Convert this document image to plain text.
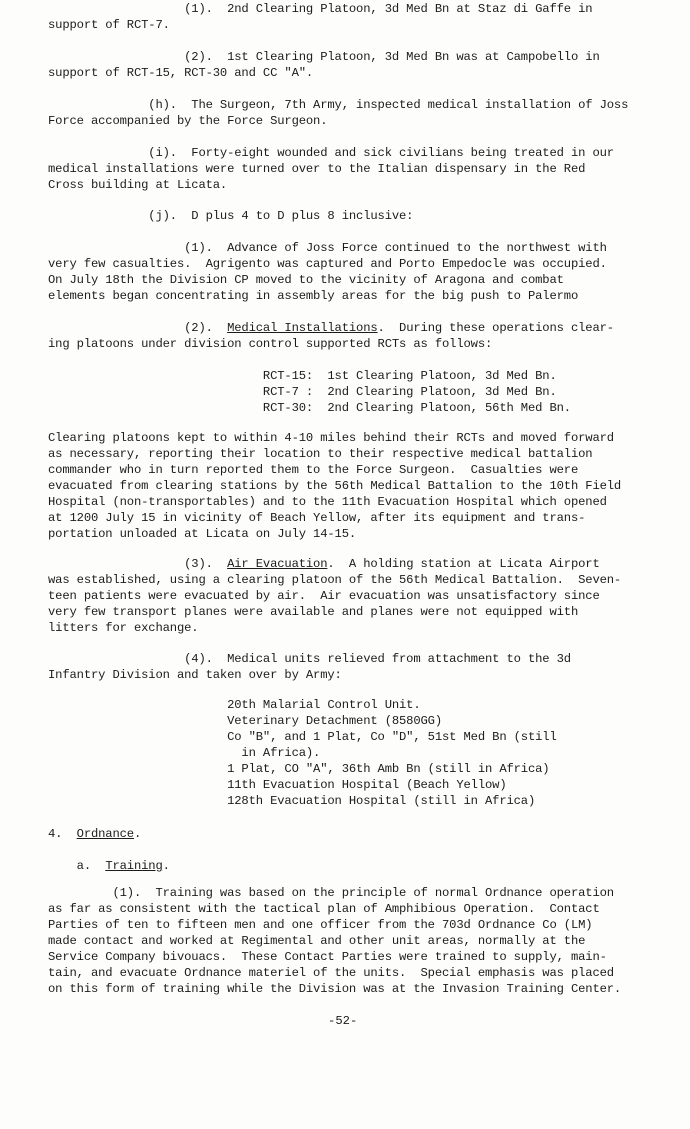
(1).  2nd Clearing Platoon, 3d Med Bn at Staz di Gaffe in
support of RCT-7.
(2).  1st Clearing Platoon, 3d Med Bn was at Campobello in
support of RCT-15, RCT-30 and CC "A".
(h).  The Surgeon, 7th Army, inspected medical installation of Joss
Force accompanied by the Force Surgeon.
(i).  Forty-eight wounded and sick civilians being treated in our
medical installations were turned over to the Italian dispensary in the Red
Cross building at Licata.
(j).  D plus 4 to D plus 8 inclusive:
(1).  Advance of Joss Force continued to the northwest with
very few casualties.  Agrigento was captured and Porto Empedocle was occupied.
On July 18th the Division CP moved to the vicinity of Aragona and combat
elements began concentrating in assembly areas for the big push to Palermo
(2).  Medical Installations.  During these operations clear-
ing platoons under division control supported RCTs as follows:
RCT-15:  1st Clearing Platoon, 3d Med Bn.
RCT-7 :  2nd Clearing Platoon, 3d Med Bn.
RCT-30:  2nd Clearing Platoon, 56th Med Bn.
Clearing platoons kept to within 4-10 miles behind their RCTs and moved forward
as necessary, reporting their location to their respective medical battalion
commander who in turn reported them to the Force Surgeon.  Casualties were
evacuated from clearing stations by the 56th Medical Battalion to the 10th Field
Hospital (non-transportables) and to the 11th Evacuation Hospital which opened
at 1200 July 15 in vicinity of Beach Yellow, after its equipment and trans-
portation unloaded at Licata on July 14-15.
(3).  Air Evacuation.  A holding station at Licata Airport
was established, using a clearing platoon of the 56th Medical Battalion.  Seven-
teen patients were evacuated by air.  Air evacuation was unsatisfactory since
very few transport planes were available and planes were not equipped with
litters for exchange.
(4).  Medical units relieved from attachment to the 3d
Infantry Division and taken over by Army:
20th Malarial Control Unit.
Veterinary Detachment (8580GG)
Co "B", and 1 Plat, Co "D", 51st Med Bn (still
in Africa).
1 Plat, CO "A", 36th Amb Bn (still in Africa)
11th Evacuation Hospital (Beach Yellow)
128th Evacuation Hospital (still in Africa)
4.  Ordnance.
a.  Training.
(1).  Training was based on the principle of normal Ordnance operation
as far as consistent with the tactical plan of Amphibious Operation.  Contact
Parties of ten to fifteen men and one officer from the 703d Ordnance Co (LM)
made contact and worked at Regimental and other unit areas, normally at the
Service Company bivouacs.  These Contact Parties were trained to supply, main-
tain, and evacuate Ordnance materiel of the units.  Special emphasis was placed
on this form of training while the Division was at the Invasion Training Center.
-52-
